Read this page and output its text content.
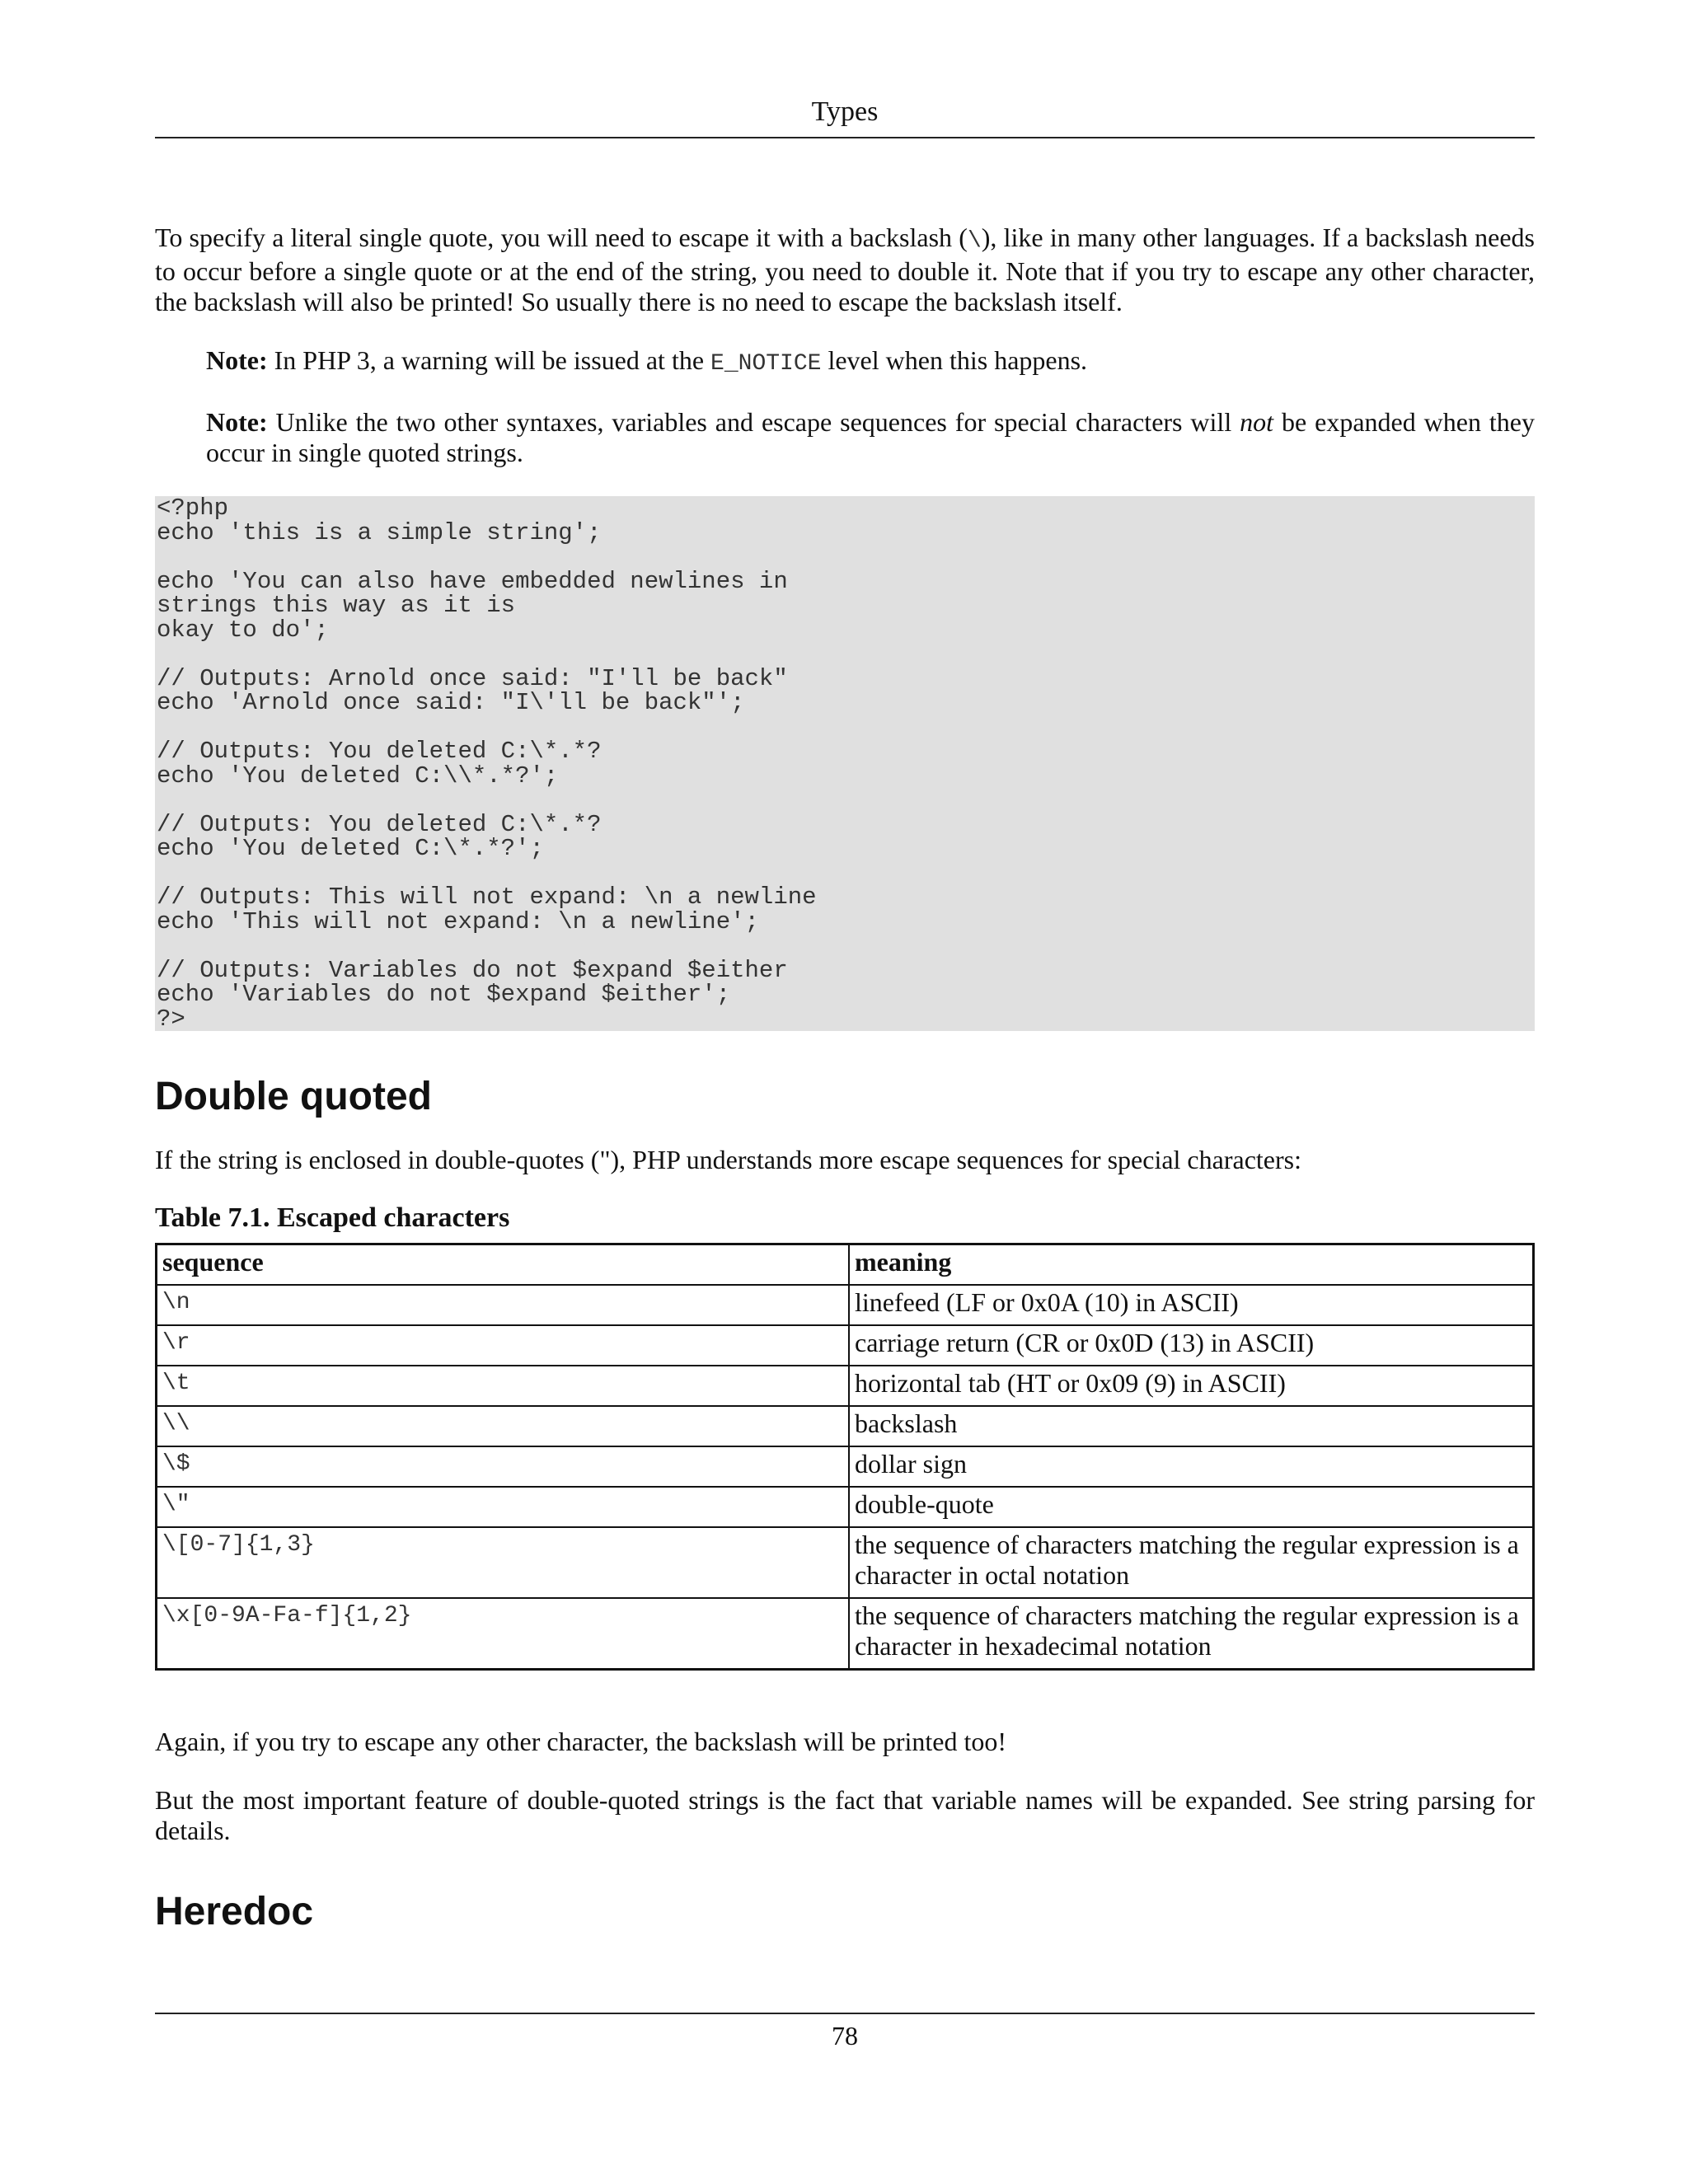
Types

To specify a literal single quote, you will need to escape it with a backslash (\), like in many other languages. If a backslash needs to occur before a single quote or at the end of the string, you need to double it. Note that if you try to escape any other character, the backslash will also be printed! So usually there is no need to escape the backslash itself.

Note: In PHP 3, a warning will be issued at the E_NOTICE level when this happens.

Note: Unlike the two other syntaxes, variables and escape sequences for special characters will not be expanded when they occur in single quoted strings.

<?php
echo 'this is a simple string';

echo 'You can also have embedded newlines in
strings this way as it is
okay to do';

// Outputs: Arnold once said: "I'll be back"
echo 'Arnold once said: "I\'ll be back"';

// Outputs: You deleted C:\*.*?
echo 'You deleted C:\\*.*?';

// Outputs: You deleted C:\*.*?
echo 'You deleted C:\*.*?';

// Outputs: This will not expand: \n a newline
echo 'This will not expand: \n a newline';

// Outputs: Variables do not $expand $either
echo 'Variables do not $expand $either';
?>
Double quoted

If the string is enclosed in double-quotes ("), PHP understands more escape sequences for special characters:

Table 7.1. Escaped characters
sequence	meaning
\n	linefeed (LF or 0x0A (10) in ASCII)
\r	carriage return (CR or 0x0D (13) in ASCII)
\t	horizontal tab (HT or 0x09 (9) in ASCII)
\\	backslash
\$	dollar sign
\"	double-quote
\[0-7]{1,3}	the sequence of characters matching the regular expression is a character in octal notation
\x[0-9A-Fa-f]{1,2}	the sequence of characters matching the regular expression is a character in hexadecimal notation

Again, if you try to escape any other character, the backslash will be printed too!

But the most important feature of double-quoted strings is the fact that variable names will be expanded. See string parsing for details.

Heredoc
78
